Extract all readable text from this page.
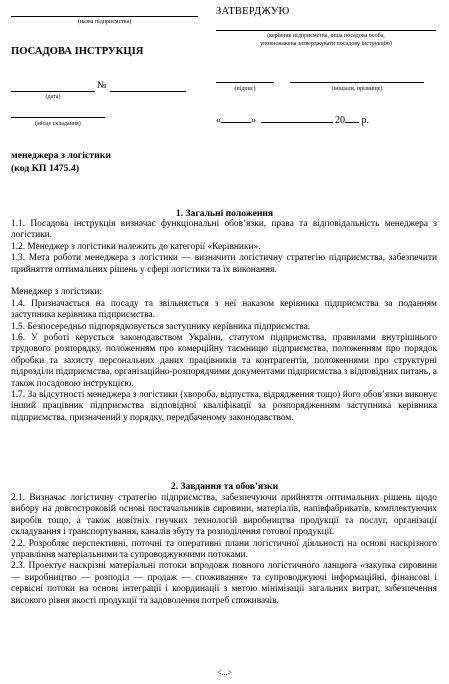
(назва підприємства)
ЗАТВЕРДЖУЮ
(керівник підприємства, інша посадова особа,
уповноважена затверджувати посадову інструкцію)
ПОСАДОВА ІНСТРУКЦІЯ
№
(дата)
(підпис)	(ініціали, прізвище)
(місце складання)	«	»	20 р.
менеджера з логістики
(код КП 1475.4)
1. Загальні положення

1.1. Посадова інструкція визначає функціональні обов’язки, права та відповідальність менеджера з логістики.

1.2. Менеджер з логістики належить до категорії «Керівники».

1.3. Мета роботи менеджера з логістики — визначити логістичну стратегію підприємства, забезпечити прийняття оптимальних рішень у сфері логістики та їх виконання.

Менеджер з логістики:

1.4. Призначається на посаду та звільняється з неї наказом керівника підприємства за поданням заступника керівника підприємства.

1.5. Безпосередньо підпорядковується заступнику керівника підприємства.

1.6. У роботі керується законодавством України, статутом підприємства, правилами внутрішнього трудового розпорядку, положенням про комерційну таємницю підприємства, положенням про порядок обробки та захисту персональних даних працівників та контрагентів, положеннями про структурні підрозділи підприємства, організаційно-розпорядчими документами підприємства з відповідних питань, а також посадовою інструкцією.

1.7. За відсутності менеджера з логістики (хвороба, відпустка, відрядження тощо) його обов’язки виконує інший працівник підприємства відповідної кваліфікації за розпорядженням заступника керівника підприємства, призначений у порядку, передбаченому законодавством.

2. Завдання та обов’язки

2.1. Визначає логістичну стратегію підприємства, забезпечуючи прийняття оптимальних рішень щодо вибору на довгостроковій основі постачальників сировини, матеріалів, напівфабрикатів, комплектуючих виробів тощо, а також новітніх гнучких технологій виробництва продукції та послуг, організації складування і транспортування, каналів збуту та розподілення готової продукції.

2.2. Розробляє перспективні, поточні та оперативні плани логістичної діяльності на основі наскрізного управління матеріальними та супроводжуючими потоками.

2.3. Проектує наскрізні матеріальні потоки впродовж повного логістичного ланцюга «закупка сировини — виробництво — розподіл — продаж — споживання» та супроводжуючі інформаційні, фінансові і сервісні потоки на основі інтеграції і координації з метою мінімізації загальних витрат, забезпечення високого рівня якості продукції та задоволення потреб споживачів.

<...>
